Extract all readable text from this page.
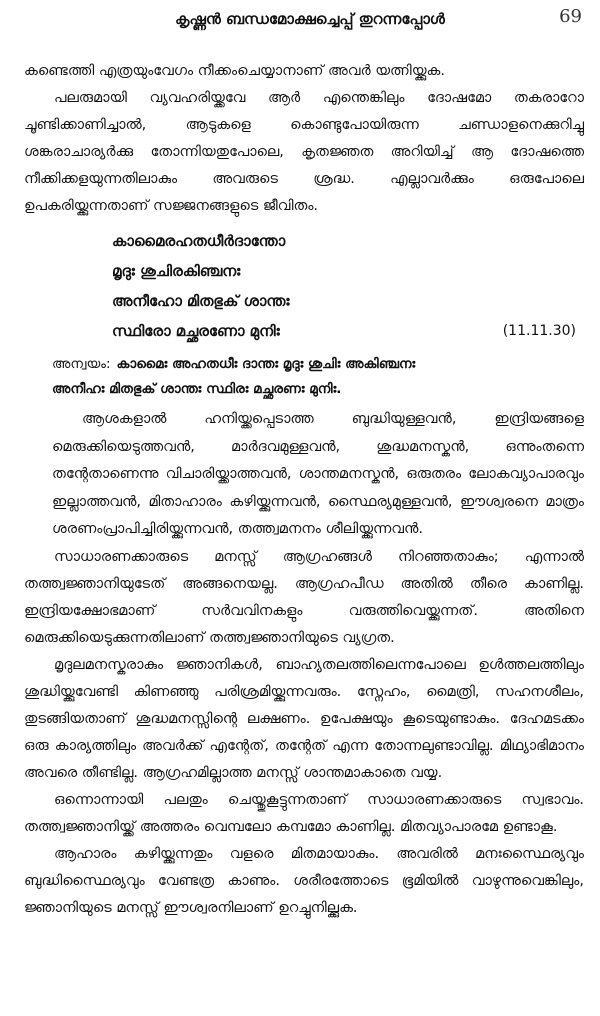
കൃഷ്ണൻ ബന്ധമോക്ഷച്ചെപ്പ് തുറന്നപ്പോൾ	69

കണ്ടെത്തി എത്രയുംവേഗം നീക്കംചെയ്യാനാണ് അവർ യത്നിയ്ക്കുക.

പലരുമായി വ്യവഹരിയ്ക്കവേ ആർ എന്തെങ്കിലും ദോഷമോ തകരാറോ ചൂണ്ടിക്കാണിച്ചാൽ, ആടുകളെ കൊണ്ടുപോയിരുന്ന ചണ്ഡാളനെക്കുറിച്ചു ശങ്കരാചാര്യർക്കു തോന്നിയതുപോലെ, കൃതജ്ഞത അറിയിച്ച് ആ ദോഷത്തെ നീക്കിക്കളയുന്നതിലാകും അവരുടെ ശ്രദ്ധ. എല്ലാവർക്കും ഒരുപോലെ ഉപകരിയ്ക്കുന്നതാണ് സജ്ജനങ്ങളുടെ ജീവിതം.

കാമൈരഹതധീർദാന്തോ
മൃദുഃ ശുചിരകിഞ്ചനഃ
അനീഹോ മിതഭുക് ശാന്തഃ
സ്ഥിരോ മച്ഛരണോ മുനിഃ	(11.11.30)
അന്വയം: കാമൈഃ അഹതധീഃ ദാന്തഃ മൃദുഃ ശുചിഃ അകിഞ്ചനഃ
അനീഹഃ മിതഭുക് ശാന്തഃ സ്ഥിരഃ മച്ഛരണഃ മുനിഃ.
ആശകളാൽ ഹനിയ്ക്കപ്പെടാത്ത ബുദ്ധിയുള്ളവൻ, ഇന്ദ്രിയങ്ങളെ മെരുക്കിയെടുത്തവൻ, മാർദവമുള്ളവൻ, ശുദ്ധമനസ്കൻ, ഒന്നുംതന്നെ തന്റേതാണെന്നു വിചാരിയ്ക്കാത്തവൻ, ശാന്തമനസ്കൻ, ഒരുതരം ലോകവ്യാപാരവും ഇല്ലാത്തവൻ, മിതാഹാരം കഴിയ്ക്കുന്നവൻ, സ്ഥൈര്യമുള്ളവൻ, ഈശ്വരനെ മാത്രം ശരണംപ്രാപിച്ചിരിയ്ക്കുന്നവൻ, തത്ത്വമനനം ശീലിയ്ക്കുന്നവൻ.

സാധാരണക്കാരുടെ മനസ്സ് ആഗ്രഹങ്ങൾ നിറഞ്ഞതാകും; എന്നാൽ തത്ത്വജ്ഞാനിയുടേത് അങ്ങനെയല്ല. ആഗ്രഹപീഡ അതിൽ തീരെ കാണില്ല. ഇന്ദ്രിയക്ഷോഭമാണ് സർവവിനകളും വരുത്തിവെയ്ക്കുന്നത്. അതിനെ മെരുക്കിയെടുക്കുന്നതിലാണ് തത്ത്വജ്ഞാനിയുടെ വ്യഗ്രത.

മൃദുലമനസ്കരാകും ജ്ഞാനികൾ, ബാഹ്യതലത്തിലെന്നപോലെ ഉൾത്തലത്തിലും ശുദ്ധിയ്ക്കുവേണ്ടി കിണഞ്ഞു പരിശ്രമിയ്ക്കുന്നവരും. സ്നേഹം, മൈത്രി, സഹനശീലം, തുടങ്ങിയതാണ് ശുദ്ധമനസ്സിന്റെ ലക്ഷണം. ഉപേക്ഷയും കൂടെയുണ്ടാകും. ദേഹമടക്കം ഒരു കാര്യത്തിലും അവർക്ക് എന്റേത്, തന്റേത് എന്ന തോന്നലുണ്ടാവില്ല. മിഥ്യാഭിമാനം അവരെ തീണ്ടില്ല. ആഗ്രഹമില്ലാത്ത മനസ്സ് ശാന്തമാകാതെ വയ്യ.

ഒന്നൊന്നായി പലതും ചെയ്തുകൂട്ടുന്നതാണ് സാധാരണക്കാരുടെ സ്വഭാവം. തത്ത്വജ്ഞാനിയ്ക്ക് അത്തരം വെമ്പലോ കമ്പമോ കാണില്ല. മിതവ്യാപാരമേ ഉണ്ടാകൂ.

ആഹാരം കഴിയ്ക്കുന്നതും വളരെ മിതമായാകും. അവരിൽ മനഃസ്ഥൈര്യവും ബുദ്ധിസ്ഥൈര്യവും വേണ്ടത്ര കാണും. ശരീരത്തോടെ ഭൂമിയിൽ വാഴുന്നുവെങ്കിലും, ജ്ഞാനിയുടെ മനസ്സ് ഈശ്വരനിലാണ് ഉറച്ചുനില്ക്കുക.
